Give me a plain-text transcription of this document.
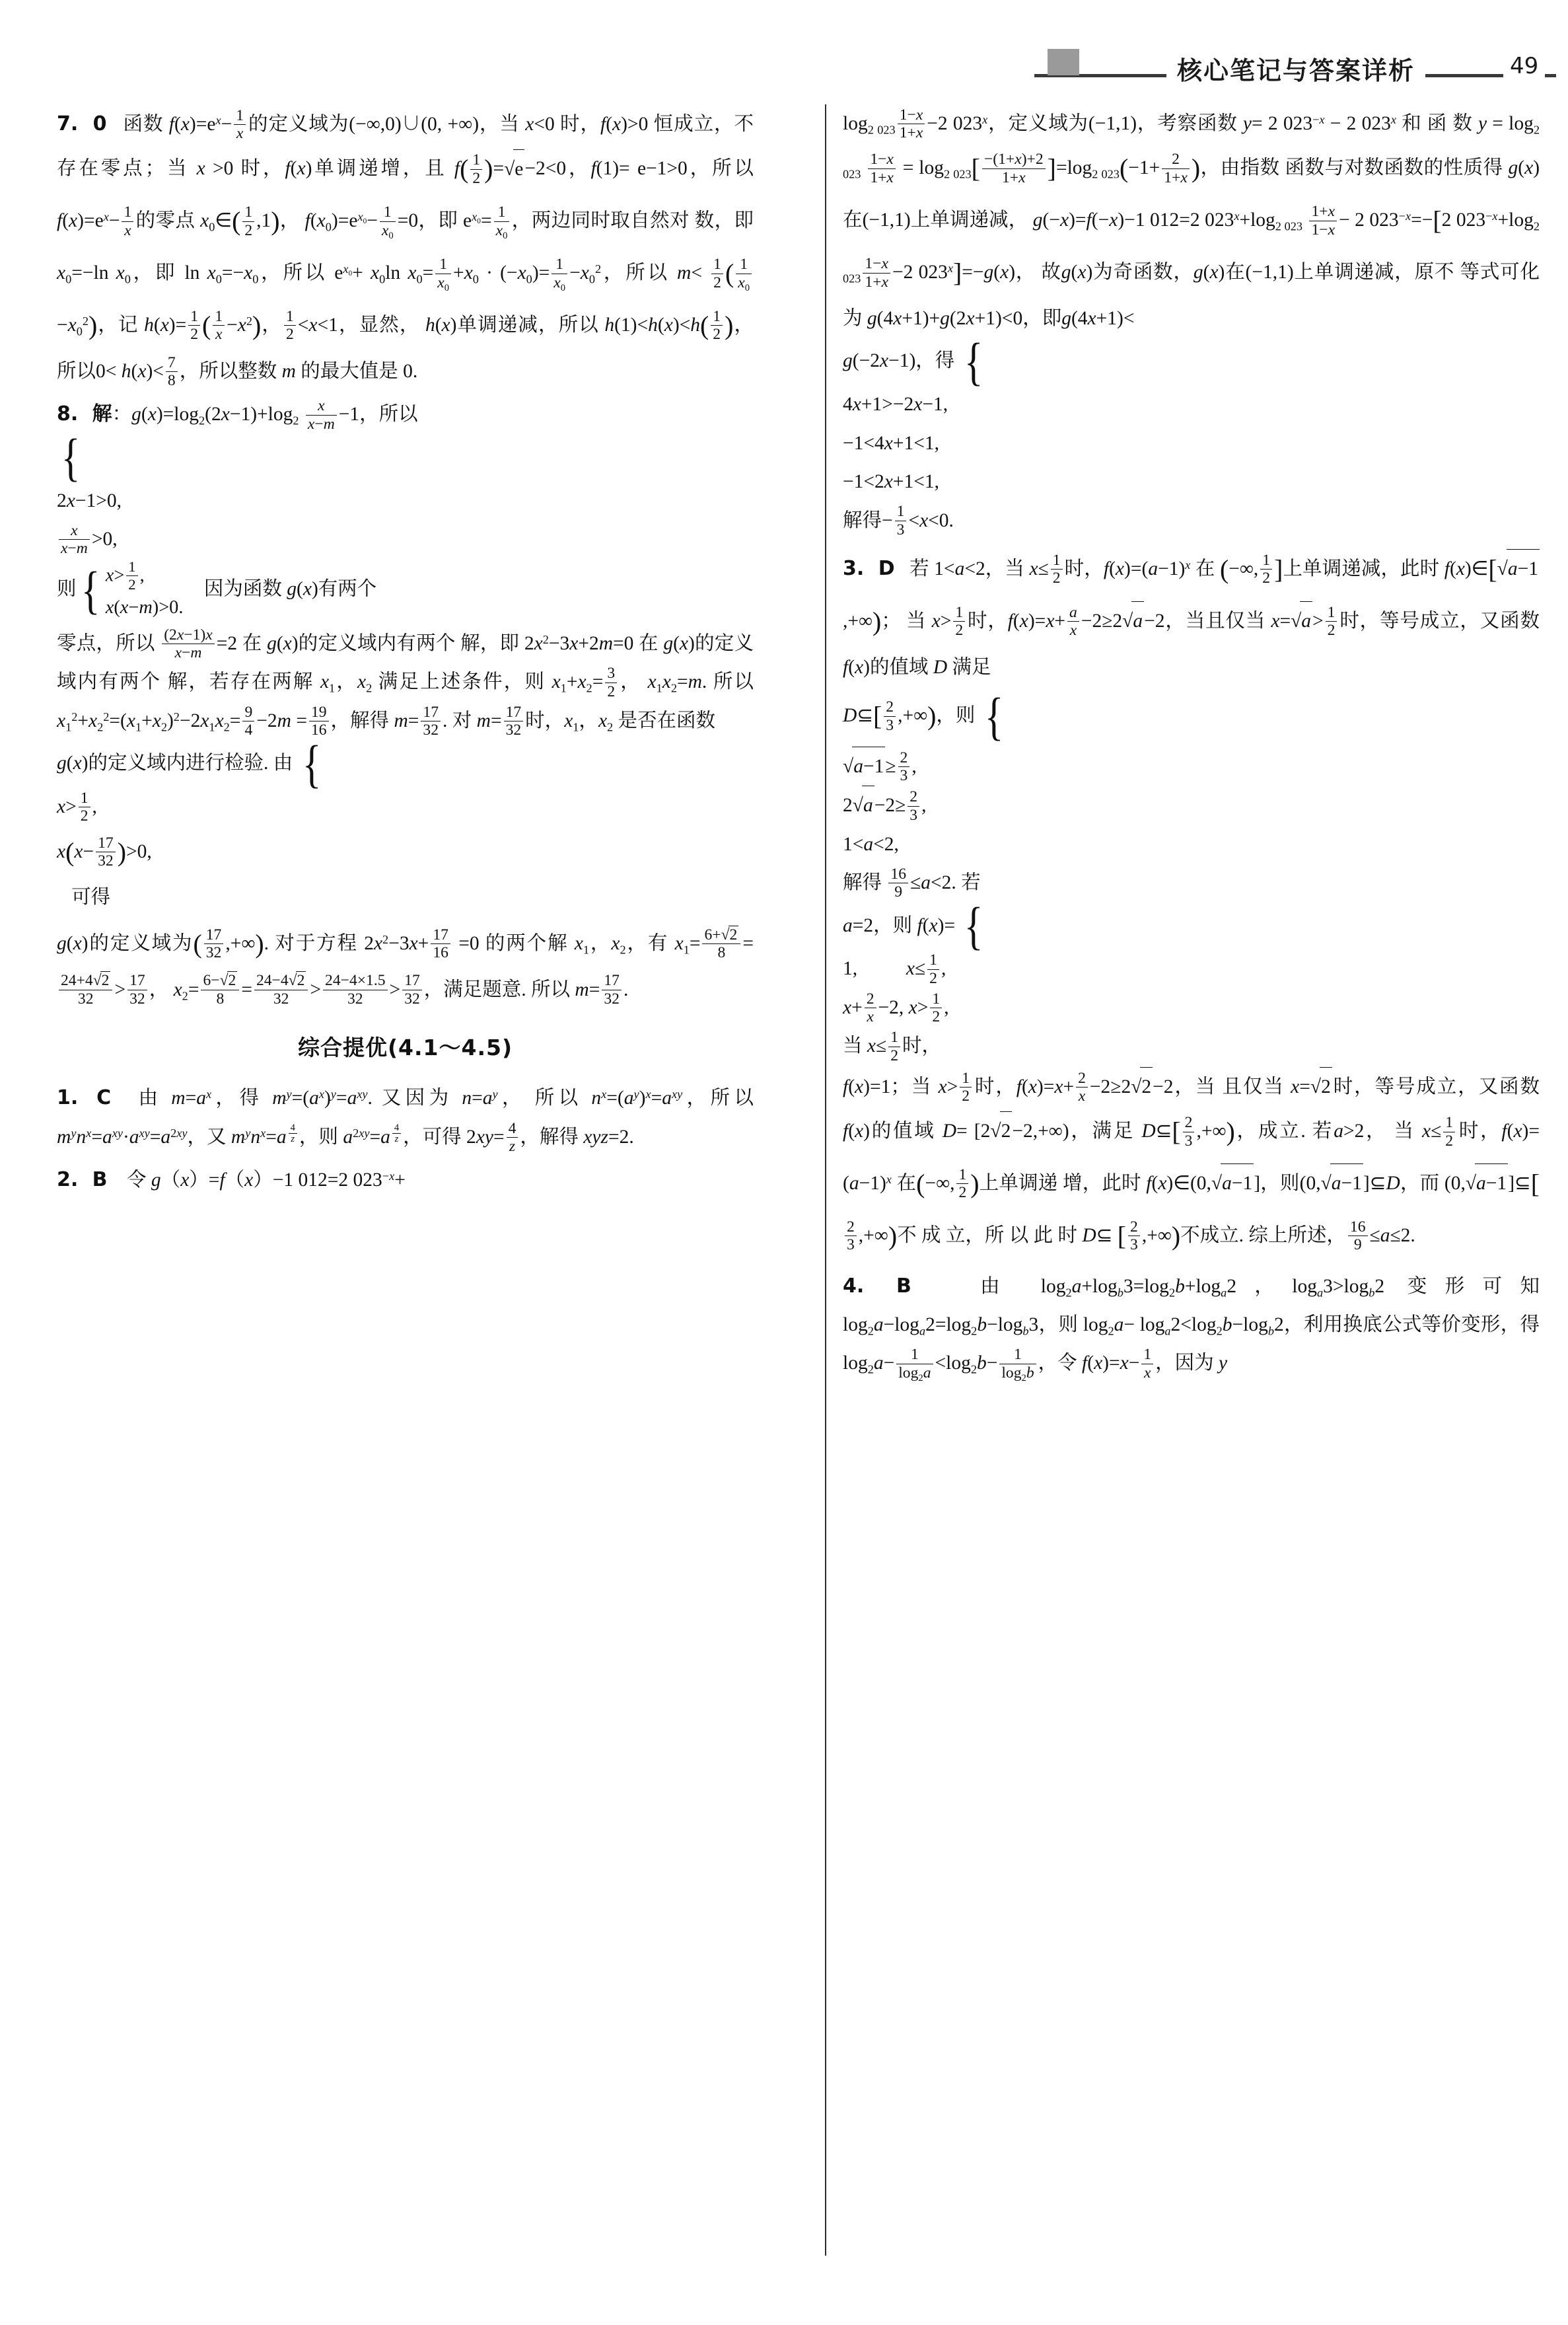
核心笔记与答案详析	49

7. 0   函数 $f(x)=e^x- \frac{1}{x}$ 的定义域为(−∞,0)∪(0, +∞)，当 x<0 时，f(x)>0 恒成立，不存在零点；当 x >0 时，f(x)单调递增，且 $f( \frac{1}{2} )=√e-2<0$，f(1)= e−1>0，所以 $f(x)=e^x- \frac{1}{x}$ 的零点 $x_0\in( \frac{1}{2} ,1)$， $f(x_0)=e^{x_0}- \frac{1}{x_0} =0$，即 $e^{x_0}= \frac{1}{x_0}$ ，两边同时取自然对 数，即 $x_0=-\ln$ $x_0$，即 $\ln x_0=-x_0$，所以 $e^{x_0}+ x_0\ln$ $x_0= \frac{1}{x_0} +x_0 \cdot (-x_0)= \frac{1}{x_0} -x_0^2$，所以 $m< \frac{1}{2}$ ( $\frac{1}{x_0}$
$-x_0^2$)，记 $h(x)= \frac{1}{2}$ ( $\frac{1}{x} -x^2$)， $\frac{1}{2} <x<1$，显然， h(x)单调递减，所以 $h(1)<h(x)<h( \frac{1}{2}$ )，所以$0< h(x)< \frac{7}{8}$ ，所以整数 m 的最大值是 0.

8. 解：$g(x)=\log_2(2x-1)+\log_2 \frac{x}{x-m} -1$，所以

{

2x−1>0,
$\frac{x}{x-m} >0$,
则 { $x> \frac{1}{2}$ ,
x(x−m)>0.
因为函数 g(x)有两个

零点，所以 $\frac{(2x-1)x}{x-m} =2$ 在 g(x)的定义域内有两个 解，即 $2x^2-3x+2m=0$ 在 g(x)的定义域内有两个 解，若存在两解 $x_1$，$x_2$ 满足上述条件，则 $x_1+x_2= \frac{3}{2}$ ， $x_1x_2=m$. 所以 $x_1^2+x_2^2=(x_1+x_2)^2-2x_1x_2= \frac{9}{4} -2m = \frac{19}{16}$ ，解得 $m= \frac{17}{32}$ . 对 $m= \frac{17}{32}$ 时，$x_1$，$x_2$ 是否在函数

g(x)的定义域内进行检验. 由 {

$x> \frac{1}{2}$ ,
$x(x- \frac{17}{32} )>0$,
可得

g(x)的定义域为( $\frac{17}{32}$ ,+∞). 对于方程 $2x^2-3x+ \frac{17}{16} =0$ 的两个解 $x_1$，$x_2$，有 $x_1= \frac{6+√2}{8}$ =
$\frac{24+4√2}{32} > \frac{17}{32}$ ， $x_2= \frac{6-√2}{8} = \frac{24-4√2}{32} > \frac{24-4\times 1.5}{32} > \frac{17}{32}$ ，满足题意. 所以 $m= \frac{17}{32}$ .

综合提优(4.1～4.5)

1. C   由 $m=a^x$，得 $m^y=(a^x)^y=a^{xy}$. 又因为 $n=a^y$， 所以 $n^x=(a^y)^x=a^{xy}$，所以 $m^yn^x=a^{xy}\cdot a^{xy}=a^{2xy}$，又 $m^yn^x=a$ $^{\frac{4}{z}}$ ，则 $a^{2xy}=a$ $^{\frac{4}{z}}$ ，可得 $2xy= \frac{4}{z}$ ，解得 xyz=2.

2. B    令 g（x）=f（x）−1 012=2 $023^{-x}+$

$\log_{2 023} \frac{1-x}{1+x} -2$ 023$^x$，定义域为(−1,1)，考察函数 y= 2 $023^{-x} - 2$ 023$^x$ 和 函 数 $y = \log_{2 023} \frac{1-x}{1+x} = \log_{2 023}[ \frac{-(1+x)+2}{1+x} ]=\log_{2 023}(-1+ \frac{2}{1+x}$ )，由指数 函数与对数函数的性质得 g(x)在(−1,1)上单调递减， g(−x)=f(−x)−1 012=2 $023^x+\log_{2 023} \frac{1+x}{1-x} - 2$ $023^{-x}=-[2$ $023^{-x}+\log_{2 023} \frac{1-x}{1+x} -2$ $023^x]=-g(x)$， 故g(x)为奇函数，g(x)在(−1,1)上单调递减，原不 等式可化为 g(4x+1)+g(2x+1)<0，即g(4x+1)<

g(−2x−1)，得 {

4x+1>−2x−1,
−1<4x+1<1,
−1<2x+1<1,
解得− $\frac{1}{3} <x<0$.

3. D   若 1<a<2，当 $x\le \frac{1}{2}$ 时，$f(x)=(a-1)^x$ 在 (−∞, $\frac{1}{2}$ ]上单调递减，此时 f(x)∈[√a−1,+∞)； 当 $x> \frac{1}{2}$ 时，$f(x)=x+ \frac{a}{x} -2\ge 2√a-2$，当且仅当 $x=√a> \frac{1}{2}$ 时，等号成立，又函数 f(x)的值域 D 满足

D⊆[ $\frac{2}{3}$ ,+∞)，则 {

$√a-1\ge \frac{2}{3}$ ,
$2√a-2\ge \frac{2}{3}$ ,
1<a<2,
解得 $\frac{16}{9} \le a<2$. 若

a=2，则 f(x)= {

1,          $x\le \frac{1}{2}$ ,
$x+ \frac{2}{x} -2$, $x> \frac{1}{2}$ ,
当 $x\le \frac{1}{2}$ 时，

f(x)=1；当 $x> \frac{1}{2}$ 时，$f(x)=x+ \frac{2}{x} -2\ge 2√2-2$，当 且仅当 x=√2时，等号成立，又函数 f(x)的值域 D= [2√2−2,+∞)，满足 D⊆[ $\frac{2}{3}$ ,+∞)，成立. 若a>2， 当 $x\le \frac{1}{2}$ 时，$f(x)=(a-1)^x$ 在(−∞, $\frac{1}{2}$ )上单调递 增，此时 f(x)∈(0,√a−1]，则(0,√a−1]⊆D，而 (0,√a−1]⊆[
$\frac{2}{3}$ ,+∞)不 成 立，所 以 此 时 D⊆ [ $\frac{2}{3}$ ,+∞)不成立. 综上所述， $\frac{16}{9} \le a\le 2$.

4. B   由 $\log_2a+\log_b3=\log_2b+\log_a2$，$\log_a3>\log_b2$ 变形可知 $\log_2a-\log_a2=\log_2b-\log_b3$，则 $\log_2a- \log_a2<\log_2b-\log_b2$，利用换底公式等价变形，得 $\log_2a- \frac{1}{\log_2a} <\log_2b- \frac{1}{\log_2b}$ ，令 $f(x)=x- \frac{1}{x}$ ，因为 y
